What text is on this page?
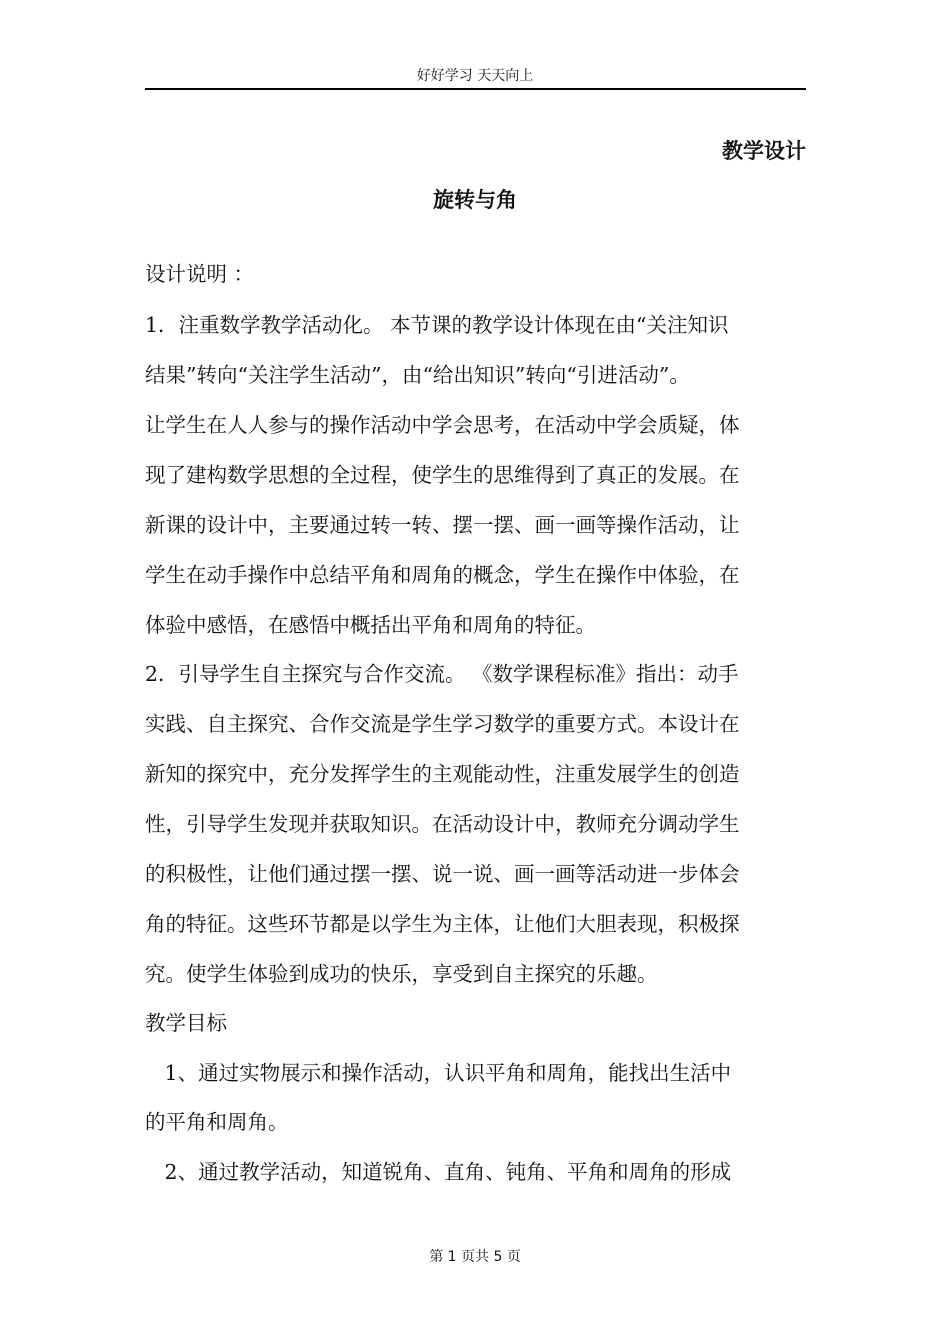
好好学习 天天向上
教学设计
旋转与角
设计说明 ：
1．注重数学教学活动化。 本节课的教学设计体现在由“关注知识
结果”转向“关注学生活动”，由“给出知识”转向“引进活动”。
让学生在人人参与的操作活动中学会思考，在活动中学会质疑，体
现了建构数学思想的全过程，使学生的思维得到了真正的发展。在
新课的设计中，主要通过转一转、摆一摆、画一画等操作活动，让
学生在动手操作中总结平角和周角的概念，学生在操作中体验，在
体验中感悟，在感悟中概括出平角和周角的特征。
2．引导学生自主探究与合作交流。 《数学课程标准》指出：动手
实践、自主探究、合作交流是学生学习数学的重要方式。本设计在
新知的探究中，充分发挥学生的主观能动性，注重发展学生的创造
性，引导学生发现并获取知识。在活动设计中，教师充分调动学生
的积极性，让他们通过摆一摆、说一说、画一画等活动进一步体会
角的特征。这些环节都是以学生为主体，让他们大胆表现，积极探
究。使学生体验到成功的快乐，享受到自主探究的乐趣。
教学目标
1、通过实物展示和操作活动，认识平角和周角，能找出生活中
的平角和周角。
2、通过教学活动，知道锐角、直角、钝角、平角和周角的形成
第 1 页共 5 页
